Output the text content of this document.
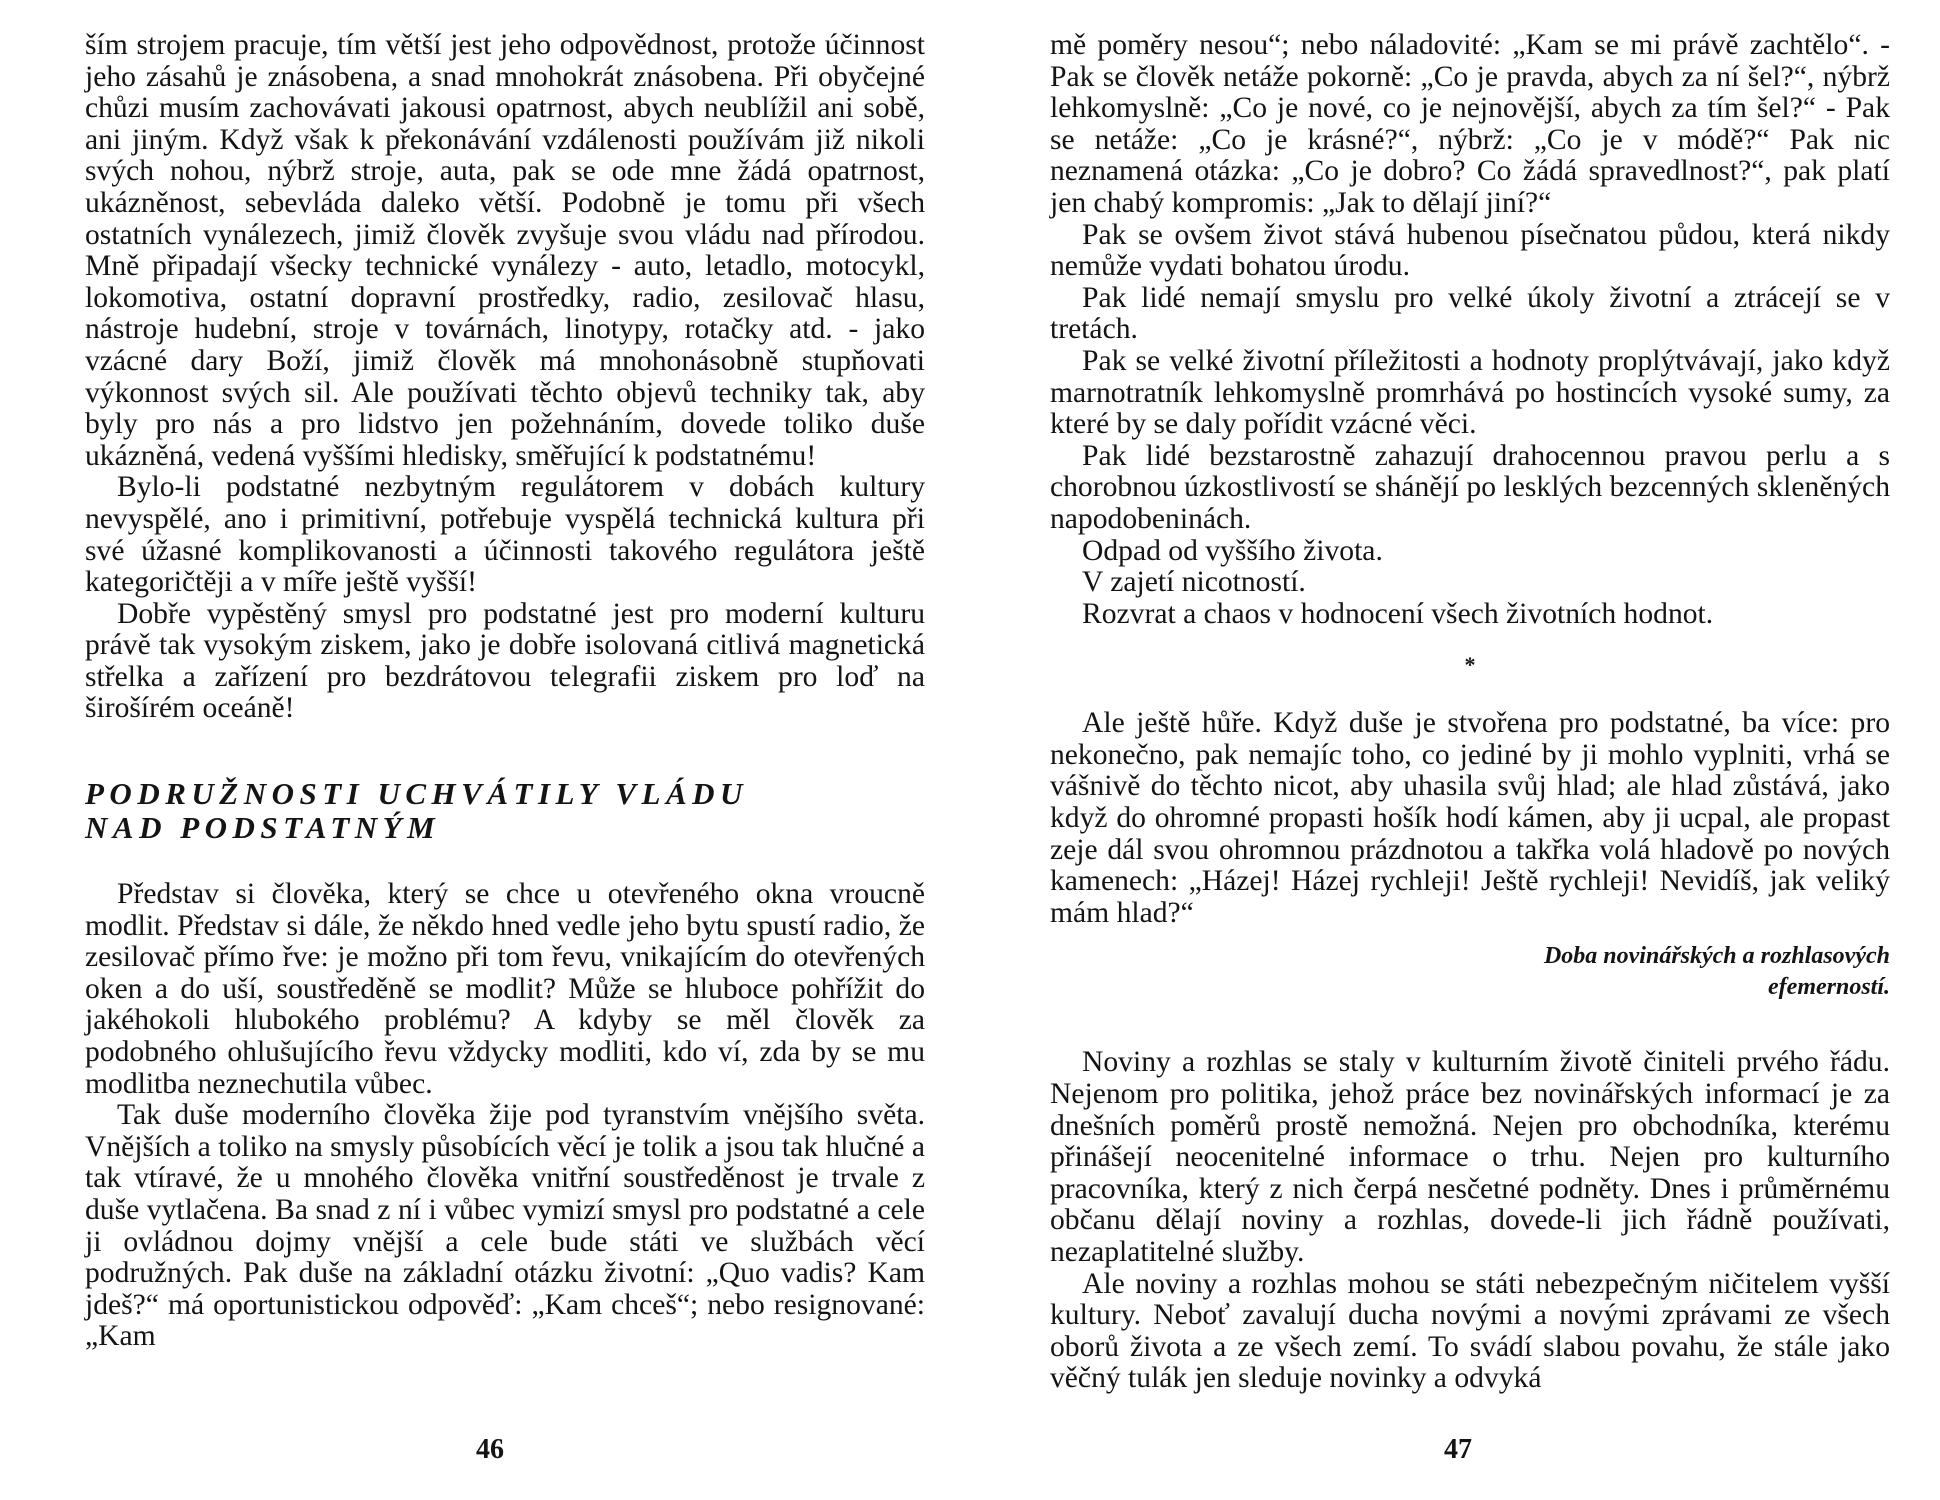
ším strojem pracuje, tím větší jest jeho odpovědnost, protože účinnost jeho zásahů je znásobena, a snad mnohokrát znásobena. Při obyčejné chůzi musím zachovávati jakousi opatrnost, abych neublížil ani sobě, ani jiným. Když však k překonávání vzdálenosti používám již nikoli svých nohou, nýbrž stroje, auta, pak se ode mne žádá opatrnost, ukázněnost, sebevláda daleko větší. Podobně je tomu při všech ostatních vynálezech, jimiž člověk zvyšuje svou vládu nad přírodou. Mně připadají všecky technické vynálezy - auto, letadlo, motocykl, lokomotiva, ostatní dopravní prostředky, radio, zesilovač hlasu, nástroje hudební, stroje v továrnách, linotypy, rotačky atd. - jako vzácné dary Boží, jimiž člověk má mnohonásobně stupňovati výkonnost svých sil. Ale používati těchto objevů techniky tak, aby byly pro nás a pro lidstvo jen požehnáním, dovede toliko duše ukázněná, vedená vyššími hledisky, směřující k podstatnému!

Bylo-li podstatné nezbytným regulátorem v dobách kultury nevyspělé, ano i primitivní, potřebuje vyspělá technická kultura při své úžasné komplikovanosti a účinnosti takového regulátora ještě kategoričtěji a v míře ještě vyšší!

Dobře vypěstěný smysl pro podstatné jest pro moderní kulturu právě tak vysokým ziskem, jako je dobře isolovaná citlivá magnetická střelka a zařízení pro bezdrátovou telegrafii ziskem pro loď na širošírém oceáně!

PODRUŽNOSTI UCHVÁTILY VLÁDU
NAD PODSTATNÝM

Představ si člověka, který se chce u otevřeného okna vroucně modlit. Představ si dále, že někdo hned vedle jeho bytu spustí radio, že zesilovač přímo řve: je možno při tom řevu, vnikajícím do otevřených oken a do uší, soustředěně se modlit? Může se hluboce pohřížit do jakéhokoli hlubokého problému? A kdyby se měl člověk za podobného ohlušujícího řevu vždycky modliti, kdo ví, zda by se mu modlitba neznechutila vůbec.

Tak duše moderního člověka žije pod tyranstvím vnějšího světa. Vnějších a toliko na smysly působících věcí je tolik a jsou tak hlučné a tak vtíravé, že u mnohého člověka vnitřní soustředěnost je trvale z duše vytlačena. Ba snad z ní i vůbec vymizí smysl pro podstatné a cele ji ovládnou dojmy vnější a cele bude státi ve službách věcí podružných. Pak duše na základní otázku životní: „Quo vadis? Kam jdeš?“ má oportunistickou odpověď: „Kam chceš“; nebo resignované: „Kam

46

mě poměry nesou“; nebo náladovité: „Kam se mi právě zachtělo“. - Pak se člověk netáže pokorně: „Co je pravda, abych za ní šel?“, nýbrž lehkomyslně: „Co je nové, co je nejnovější, abych za tím šel?“ - Pak se netáže: „Co je krásné?“, nýbrž: „Co je v módě?“ Pak nic neznamená otázka: „Co je dobro? Co žádá spravedlnost?“, pak platí jen chabý kompromis: „Jak to dělají jiní?“

Pak se ovšem život stává hubenou písečnatou půdou, která nikdy nemůže vydati bohatou úrodu.

Pak lidé nemají smyslu pro velké úkoly životní a ztrácejí se v tretách.

Pak se velké životní příležitosti a hodnoty proplýtvávají, jako když marnotratník lehkomyslně promrhává po hostincích vysoké sumy, za které by se daly pořídit vzácné věci.

Pak lidé bezstarostně zahazují drahocennou pravou perlu a s chorobnou úzkostlivostí se shánějí po lesklých bezcenných skleněných napodobeninách.

Odpad od vyššího života.

V zajetí nicotností.

Rozvrat a chaos v hodnocení všech životních hodnot.

*

Ale ještě hůře. Když duše je stvořena pro podstatné, ba více: pro nekonečno, pak nemajíc toho, co jediné by ji mohlo vyplniti, vrhá se vášnivě do těchto nicot, aby uhasila svůj hlad; ale hlad zůstává, jako když do ohromné propasti hošík hodí kámen, aby ji ucpal, ale propast zeje dál svou ohromnou prázdnotou a takřka volá hladově po nových kamenech: „Házej! Házej rychleji! Ještě rychleji! Nevidíš, jak veliký mám hlad?“

Doba novinářských a rozhlasových
efemerností.

Noviny a rozhlas se staly v kulturním životě činiteli prvého řádu. Nejenom pro politika, jehož práce bez novinářských informací je za dnešních poměrů prostě nemožná. Nejen pro obchodníka, kterému přinášejí neocenitelné informace o trhu. Nejen pro kulturního pracovníka, který z nich čerpá nesčetné podněty. Dnes i průměrnému občanu dělají noviny a rozhlas, dovede-li jich řádně používati, nezaplatitelné služby.

Ale noviny a rozhlas mohou se státi nebezpečným ničitelem vyšší kultury. Neboť zavalují ducha novými a novými zprávami ze všech oborů života a ze všech zemí. To svádí slabou povahu, že stále jako věčný tulák jen sleduje novinky a odvyká

47
